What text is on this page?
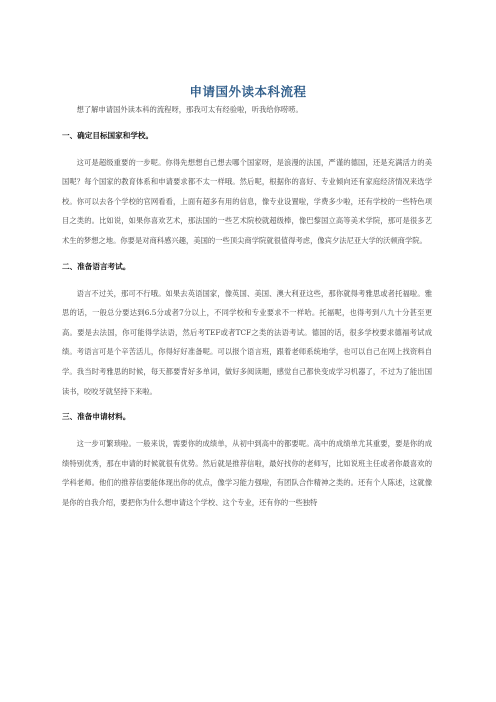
申请国外读本科流程

想了解申请国外读本科的流程呀，那我可太有经验啦，听我给你唠唠。

一、确定目标国家和学校。

这可是超级重要的一步呢。你得先想想自己想去哪个国家呀，是浪漫的法国，严谨的德国，还是充满活力的美国呢？每个国家的教育体系和申请要求都不太一样哦。然后呢，根据你的喜好、专业倾向还有家庭经济情况来选学校。你可以去各个学校的官网看看，上面有超多有用的信息，像专业设置啦，学费多少啦，还有学校的一些特色项目之类的。比如说，如果你喜欢艺术，那法国的一些艺术院校就超级棒，像巴黎国立高等美术学院，那可是很多艺术生的梦想之地。你要是对商科感兴趣，美国的一些顶尖商学院就很值得考虑，像宾夕法尼亚大学的沃顿商学院。

二、准备语言考试。

语言不过关，那可不行哦。如果去英语国家，像英国、美国、澳大利亚这些，那你就得考雅思或者托福啦。雅思的话，一般总分要达到6.5分或者7分以上，不同学校和专业要求不一样哈。托福呢，也得考到八九十分甚至更高。要是去法国，你可能得学法语，然后考TEF或者TCF之类的法语考试。德国的话，很多学校要求德福考试成绩。考语言可是个辛苦活儿，你得好好准备呢。可以报个语言班，跟着老师系统地学，也可以自己在网上找资料自学。我当时考雅思的时候，每天都要背好多单词，做好多阅读题，感觉自己都快变成学习机器了，不过为了能出国读书，咬咬牙就坚持下来啦。

三、准备申请材料。

这一步可繁琐啦。一般来说，需要你的成绩单，从初中到高中的都要呢。高中的成绩单尤其重要，要是你的成绩特别优秀，那在申请的时候就很有优势。然后就是推荐信啦，最好找你的老师写，比如说班主任或者你最喜欢的学科老师。他们的推荐信要能体现出你的优点，像学习能力强啦，有团队合作精神之类的。还有个人陈述，这就像是你的自我介绍，要把你为什么想申请这个学校、这个专业，还有你的一些独特
